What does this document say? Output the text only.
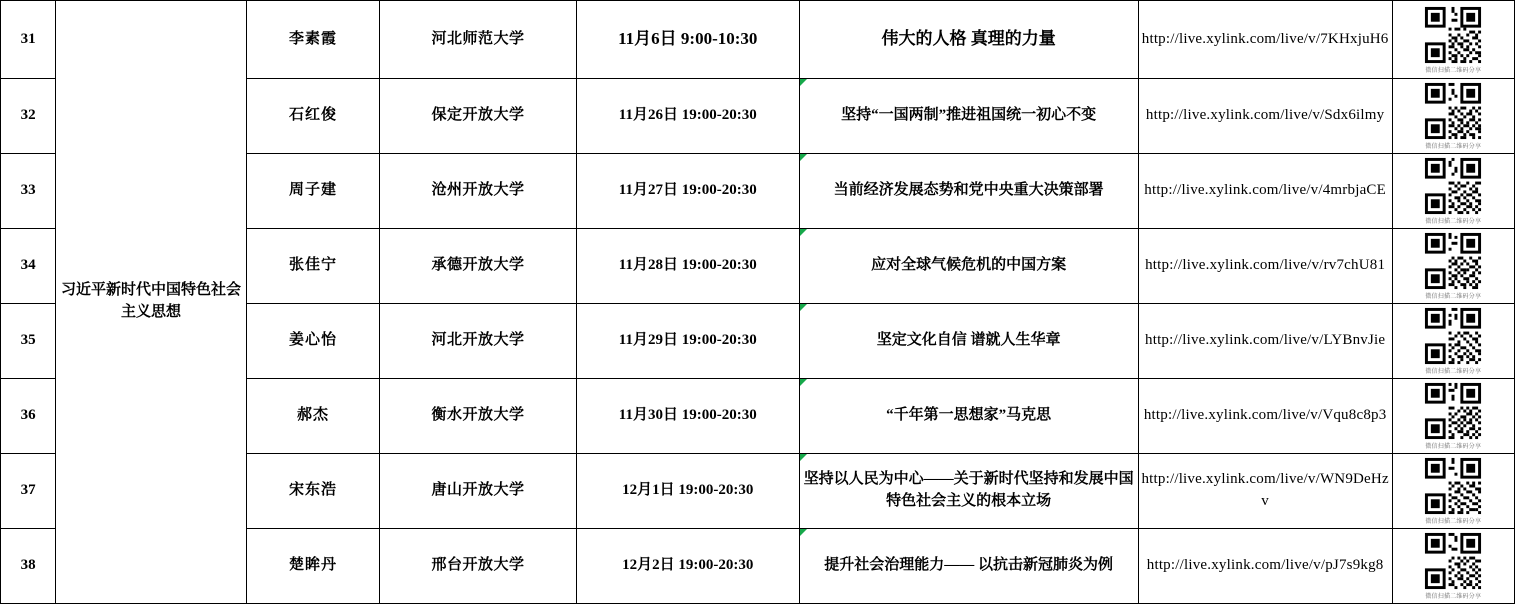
31	习近平新时代中国特色社会主义思想	李素霞	河北师范大学	11月6日 9:00-10:30	伟大的人格 真理的力量	http://live.xylink.com/live/v/7KHxjuH6	微信扫描二维码分享

32		石红俊	保定开放大学	11月26日 19:00-20:30	坚持“一国两制”推进祖国统一初心不变	http://live.xylink.com/live/v/Sdx6ilmy	微信扫描二维码分享

33		周子建	沧州开放大学	11月27日 19:00-20:30	当前经济发展态势和党中央重大决策部署	http://live.xylink.com/live/v/4mrbjaCE	微信扫描二维码分享

34		张佳宁	承德开放大学	11月28日 19:00-20:30	应对全球气候危机的中国方案	http://live.xylink.com/live/v/rv7chU81	微信扫描二维码分享

35		姜心怡	河北开放大学	11月29日 19:00-20:30	坚定文化自信 谱就人生华章	http://live.xylink.com/live/v/LYBnvJie	微信扫描二维码分享

36		郝杰	衡水开放大学	11月30日 19:00-20:30	“千年第一思想家”马克思	http://live.xylink.com/live/v/Vqu8c8p3	微信扫描二维码分享

37		宋东浩	唐山开放大学	12月1日 19:00-20:30	坚持以人民为中心——关于新时代坚持和发展中国特色社会主义的根本立场	http://live.xylink.com/live/v/WN9DeHzv	微信扫描二维码分享

38		楚眸丹	邢台开放大学	12月2日 19:00-20:30	提升社会治理能力—— 以抗击新冠肺炎为例	http://live.xylink.com/live/v/pJ7s9kg8	微信扫描二维码分享
